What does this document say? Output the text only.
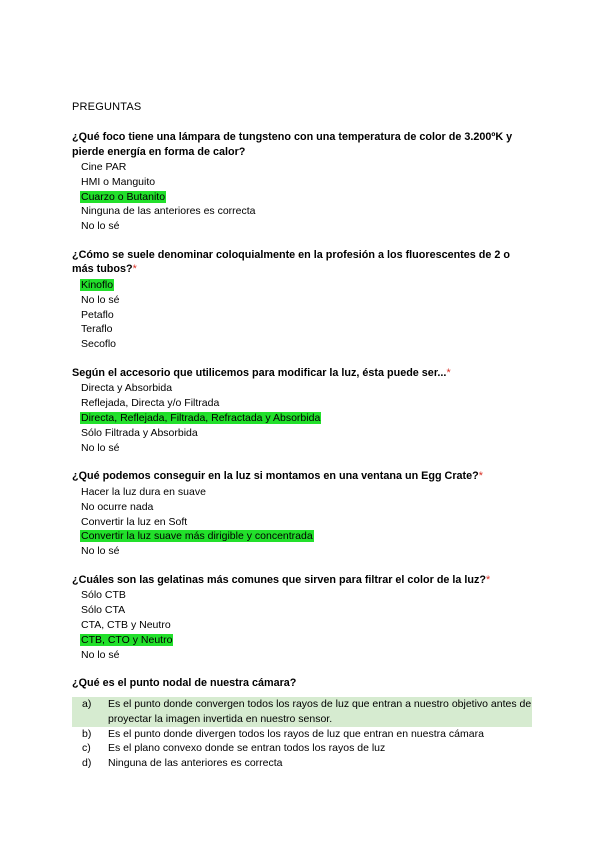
PREGUNTAS
¿Qué foco tiene una lámpara de tungsteno con una temperatura de color de 3.200ºK y pierde energía en forma de calor?
Cine PAR
HMI o Manguito
Cuarzo o Butanito
Ninguna de las anteriores es correcta
No lo sé
¿Cómo se suele denominar coloquialmente en la profesión a los fluorescentes de 2 o más tubos?*
Kinoflo
No lo sé
Petaflo
Teraflo
Secoflo
Según el accesorio que utilicemos para modificar la luz, ésta puede ser...*
Directa y Absorbida
Reflejada, Directa y/o Filtrada
Directa, Reflejada, Filtrada, Refractada y Absorbida
Sólo Filtrada y Absorbida
No lo sé
¿Qué podemos conseguir en la luz si montamos en una ventana un Egg Crate?*
Hacer la luz dura en suave
No ocurre nada
Convertir la luz en Soft
Convertir la luz suave más dirigible y concentrada
No lo sé
¿Cuáles son las gelatinas más comunes que sirven para filtrar el color de la luz?*
Sólo CTB
Sólo CTA
CTA, CTB y Neutro
CTB, CTO y Neutro
No lo sé
¿Qué es el punto nodal de nuestra cámara?
a)	Es el punto donde convergen todos los rayos de luz que entran a nuestro objetivo antes de proyectar la imagen invertida en nuestro sensor.
b)	Es el punto donde divergen todos los rayos de luz que entran en nuestra cámara
c)	Es el plano convexo donde se entran todos los rayos de luz
d)	Ninguna de las anteriores es correcta
